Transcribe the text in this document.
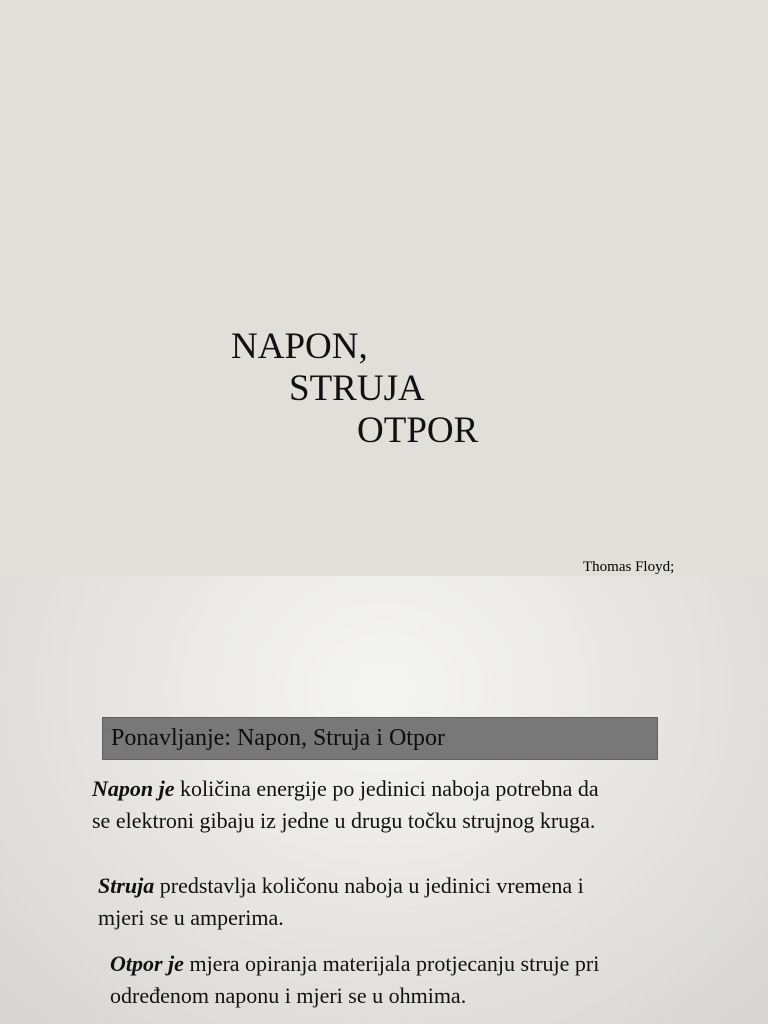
NAPON,
STRUJA
OTPOR
Thomas Floyd;
Ponavljanje: Napon, Struja i Otpor
Napon je količina energije po jedinici naboja potrebna da
se elektroni gibaju iz jedne u drugu točku strujnog kruga.
Struja predstavlja količonu naboja u jedinici vremena i
mjeri se u amperima.
Otpor je mjera opiranja materijala protjecanju struje pri
određenom naponu i mjeri se u ohmima.
